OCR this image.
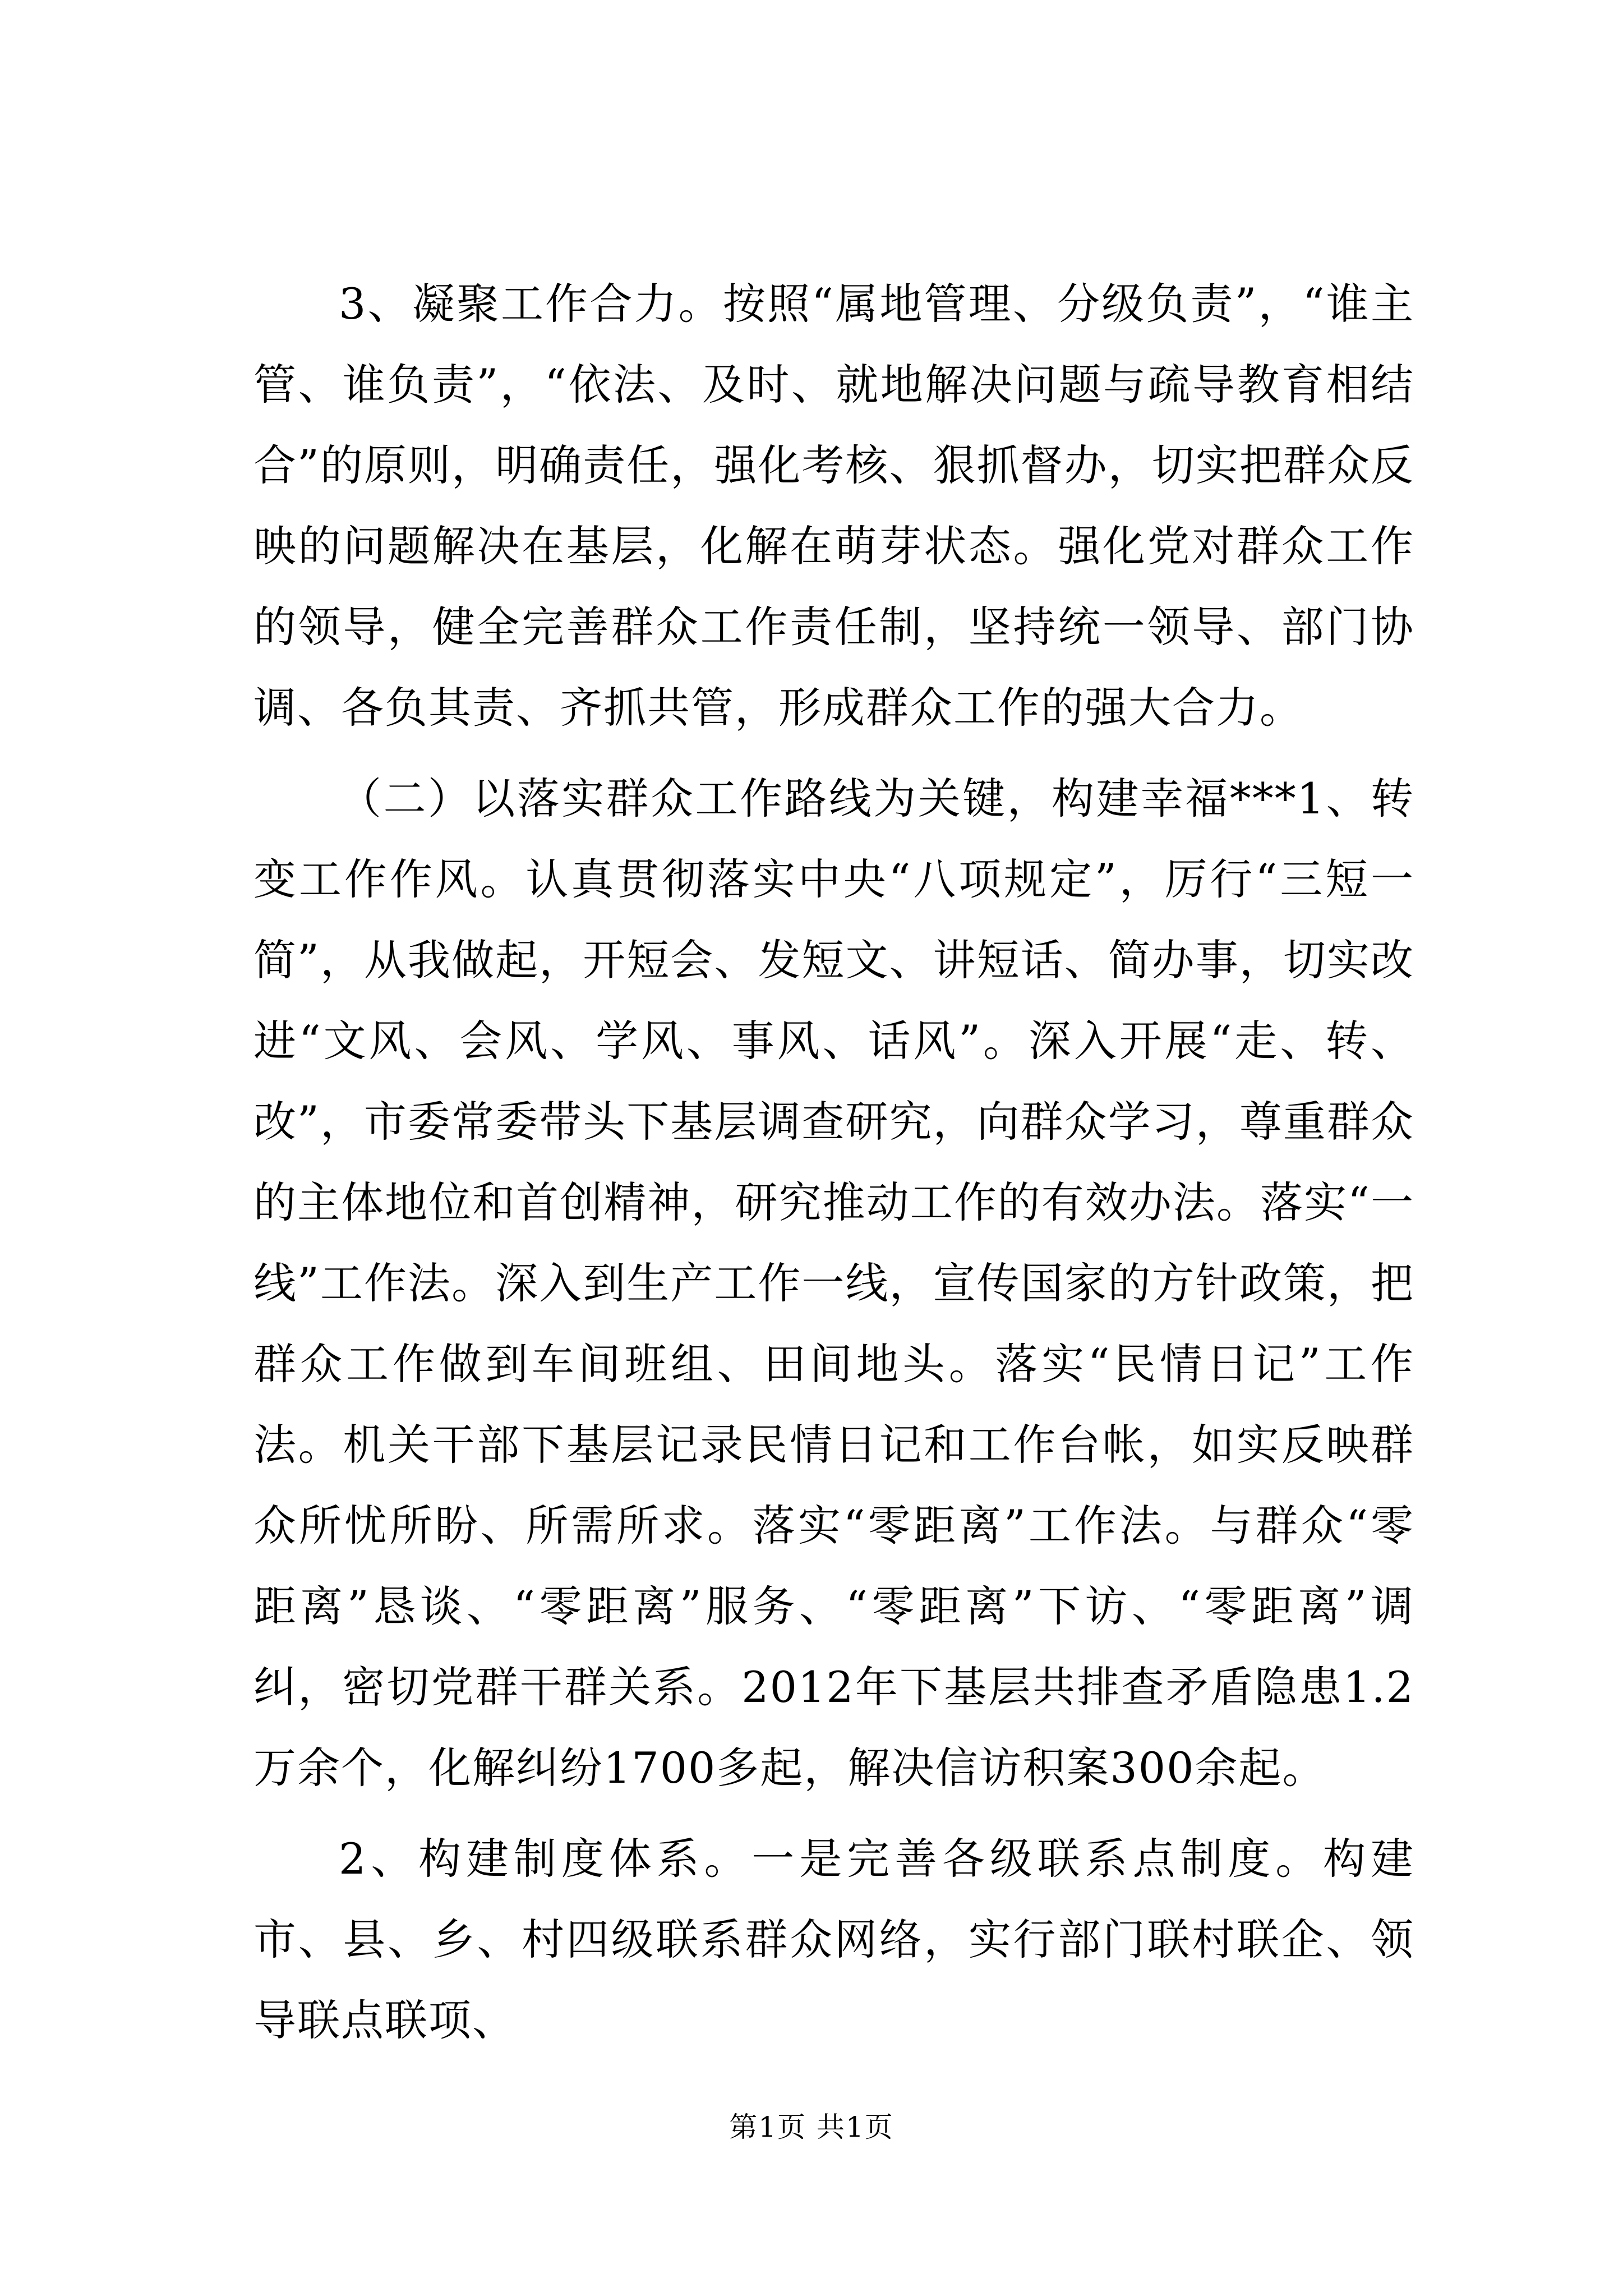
3、凝聚工作合力。按照“属地管理、分级负责”，“谁主管、谁负责”，“依法、及时、就地解决问题与疏导教育相结合”的原则，明确责任，强化考核、狠抓督办，切实把群众反映的问题解决在基层，化解在萌芽状态。强化党对群众工作的领导，健全完善群众工作责任制，坚持统一领导、部门协调、各负其责、齐抓共管，形成群众工作的强大合力。

（二）以落实群众工作路线为关键，构建幸福***1、转变工作作风。认真贯彻落实中央“八项规定”，厉行“三短一简”，从我做起，开短会、发短文、讲短话、简办事，切实改进“文风、会风、学风、事风、话风”。深入开展“走、转、改”，市委常委带头下基层调查研究，向群众学习，尊重群众的主体地位和首创精神，研究推动工作的有效办法。落实“一线”工作法。深入到生产工作一线，宣传国家的方针政策，把群众工作做到车间班组、田间地头。落实“民情日记”工作法。机关干部下基层记录民情日记和工作台帐，如实反映群众所忧所盼、所需所求。落实“零距离”工作法。与群众“零距离”恳谈、“零距离”服务、“零距离”下访、“零距离”调纠，密切党群干群关系。2012年下基层共排查矛盾隐患1.2万余个，化解纠纷1700多起，解决信访积案300余起。

2、构建制度体系。一是完善各级联系点制度。构建市、县、乡、村四级联系群众网络，实行部门联村联企、领导联点联项、

第1页 共1页
